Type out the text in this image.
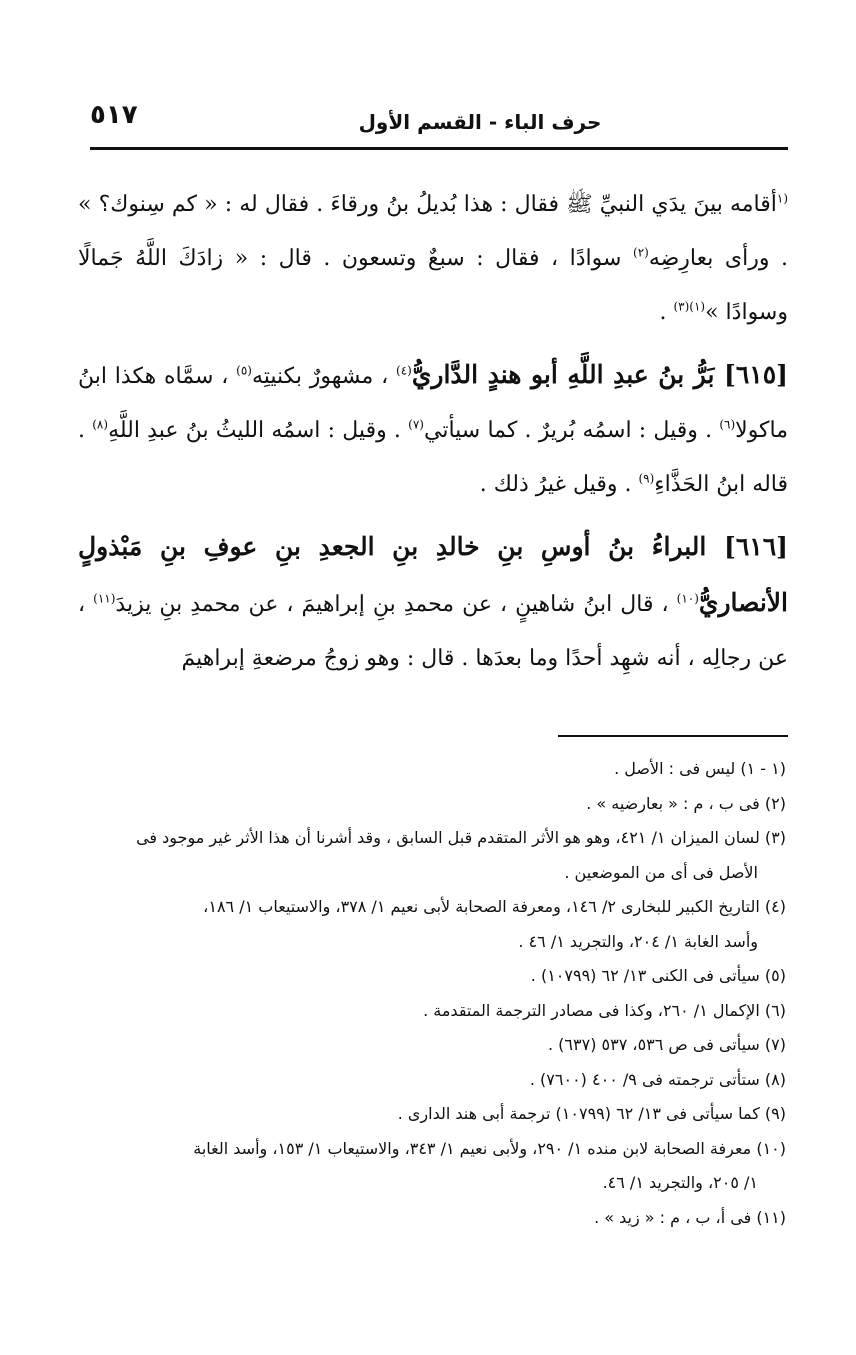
٥١٧	حرف الباء - القسم الأول

$^{(١}$أقامه بينَ يدَي النبيِّ ﷺ فقال : هذا بُديلُ بنُ ورقاءَ . فقال له : « كم سِنوك؟ » . ورأى بعارِضِه$^{(٢)}$ سوادًا ، فقال : سبعٌ وتسعون . قال : « زادَكَ اللَّهُ جَمالًا وسوادًا »$^{(١)(٣)}$ .

[٦١٥] بَرُّ بنُ عبدِ اللَّهِ أبو هندٍ الدَّاريُّ$^{(٤)}$ ، مشهورٌ بكنيتِه$^{(٥)}$ ، سمَّاه هكذا ابنُ ماكولا$^{(٦)}$ . وقيل : اسمُه بُريرٌ . كما سيأتي$^{(٧)}$ . وقيل : اسمُه الليثُ بنُ عبدِ اللَّهِ$^{(٨)}$ . قاله ابنُ الحَذَّاءِ$^{(٩)}$ . وقيل غيرُ ذلك .

[٦١٦] البراءُ بنُ أوسِ بنِ خالدِ بنِ الجعدِ بنِ عوفِ بنِ مَبْذولٍ الأنصاريُّ$^{(١٠)}$ ، قال ابنُ شاهينٍ ، عن محمدِ بنِ إبراهيمَ ، عن محمدِ بنِ يزيدَ$^{(١١)}$ ، عن رجالِه ، أنه شهِد أحدًا وما بعدَها . قال : وهو زوجُ مرضعةِ إبراهيمَ

(١ - ١) ليس فى : الأصل .

(٢) فى ب ، م : « بعارضيه » .

(٣) لسان الميزان ١/ ٤٢١، وهو هو الأثر المتقدم قبل السابق ، وقد أشرنا أن هذا الأثر غير موجود فى

الأصل فى أى من الموضعين .

(٤) التاريخ الكبير للبخارى ٢/ ١٤٦، ومعرفة الصحابة لأبى نعيم ١/ ٣٧٨، والاستيعاب ١/ ١٨٦،

وأسد الغابة ١/ ٢٠٤، والتجريد ١/ ٤٦ .

(٥) سيأتى فى الكنى ١٣/ ٦٢ (١٠٧٩٩) .

(٦) الإكمال ١/ ٢٦٠، وكذا فى مصادر الترجمة المتقدمة .

(٧) سيأتى فى ص ٥٣٦، ٥٣٧ (٦٣٧) .

(٨) ستأتى ترجمته فى ٩/ ٤٠٠ (٧٦٠٠) .

(٩) كما سيأتى فى ١٣/ ٦٢ (١٠٧٩٩) ترجمة أبى هند الدارى .

(١٠) معرفة الصحابة لابن منده ١/ ٢٩٠، ولأبى نعيم ١/ ٣٤٣، والاستيعاب ١/ ١٥٣، وأسد الغابة

١/ ٢٠٥، والتجريد ١/ ٤٦.

(١١) فى أ، ب ، م : « زيد » .
